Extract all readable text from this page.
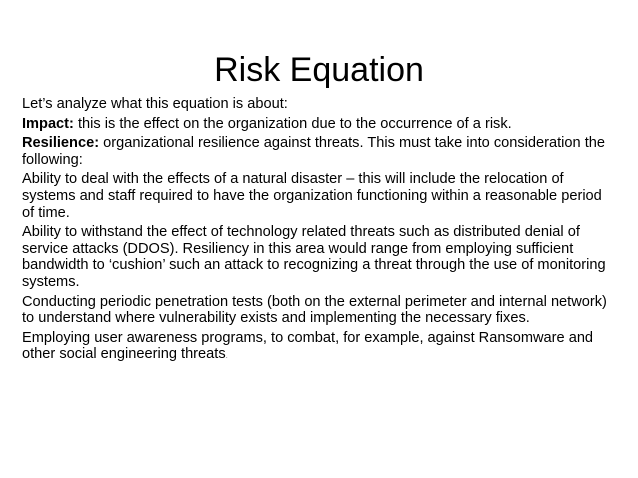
Risk Equation

Let’s analyze what this equation is about:

Impact: this is the effect on the organization due to the occurrence of a risk.

Resilience: organizational resilience against threats. This must take into consideration the following:

Ability to deal with the effects of a natural disaster – this will include the relocation of systems and staff required to have the organization functioning within a reasonable period of time.

Ability to withstand the effect of technology related threats such as distributed denial of service attacks (DDOS). Resiliency in this area would range from employing sufficient bandwidth to ‘cushion’ such an attack to recognizing a threat through the use of monitoring systems.

Conducting periodic penetration tests (both on the external perimeter and internal network) to understand where vulnerability exists and implementing the necessary fixes.

Employing user awareness programs, to combat, for example, against Ransomware and other social engineering threats.
